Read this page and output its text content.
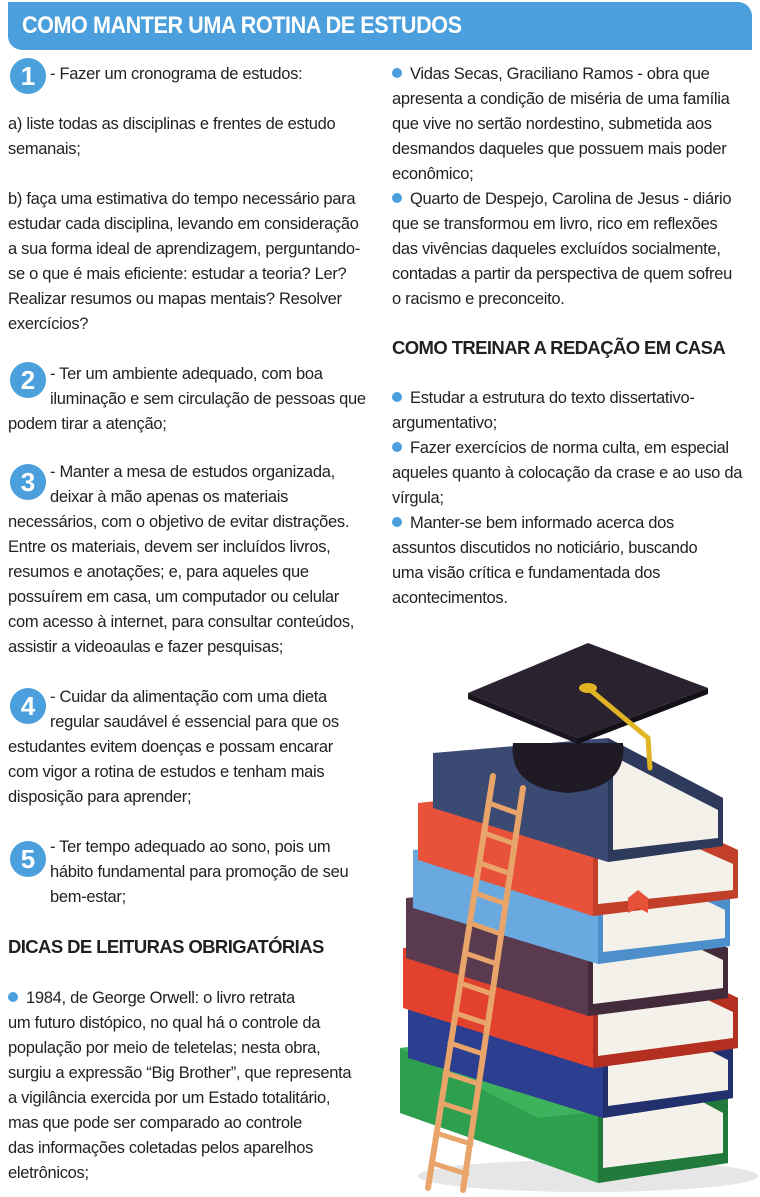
COMO MANTER UMA ROTINA DE ESTUDOS
1 - Fazer um cronograma de estudos:
a) liste todas as disciplinas e frentes de estudo
semanais;
b) faça uma estimativa do tempo necessário para
estudar cada disciplina, levando em consideração
a sua forma ideal de aprendizagem, perguntando-
se o que é mais eficiente: estudar a teoria? Ler?
Realizar resumos ou mapas mentais? Resolver
exercícios?
2 - Ter um ambiente adequado, com boa
iluminação e sem circulação de pessoas que
podem tirar a atenção;
3 - Manter a mesa de estudos organizada,
deixar à mão apenas os materiais
necessários, com o objetivo de evitar distrações.
Entre os materiais, devem ser incluídos livros,
resumos e anotações; e, para aqueles que
possuírem em casa, um computador ou celular
com acesso à internet, para consultar conteúdos,
assistir a videoaulas e fazer pesquisas;
4 - Cuidar da alimentação com uma dieta
regular saudável é essencial para que os
estudantes evitem doenças e possam encarar
com vigor a rotina de estudos e tenham mais
disposição para aprender;
5 - Ter tempo adequado ao sono, pois um
hábito fundamental para promoção de seu
bem-estar;
DICAS DE LEITURAS OBRIGATÓRIAS
1984, de George Orwell: o livro retrata
um futuro distópico, no qual há o controle da
população por meio de teletelas; nesta obra,
surgiu a expressão “Big Brother”, que representa
a vigilância exercida por um Estado totalitário,
mas que pode ser comparado ao controle
das informações coletadas pelos aparelhos
eletrônicos;
Vidas Secas, Graciliano Ramos - obra que
apresenta a condição de miséria de uma família
que vive no sertão nordestino, submetida aos
desmandos daqueles que possuem mais poder
econômico;
Quarto de Despejo, Carolina de Jesus - diário
que se transformou em livro, rico em reflexões
das vivências daqueles excluídos socialmente,
contadas a partir da perspectiva de quem sofreu
o racismo e preconceito.
COMO TREINAR A REDAÇÃO EM CASA
Estudar a estrutura do texto dissertativo-
argumentativo;
Fazer exercícios de norma culta, em especial
aqueles quanto à colocação da crase e ao uso da
vírgula;
Manter-se bem informado acerca dos
assuntos discutidos no noticiário, buscando
uma visão crítica e fundamentada dos
acontecimentos.
